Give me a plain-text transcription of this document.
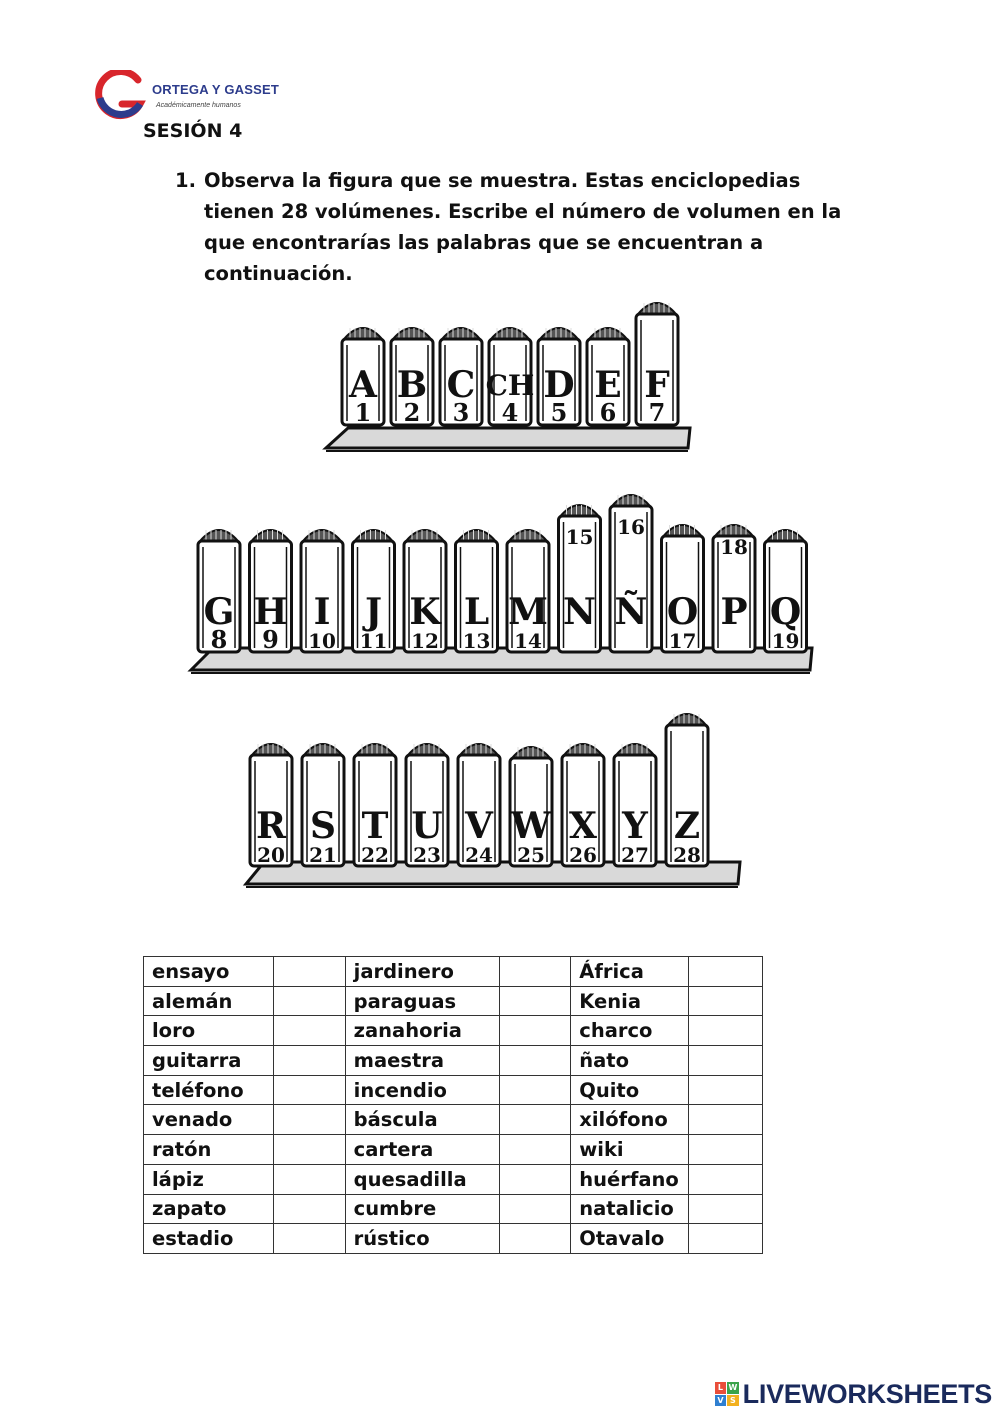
ORTEGA Y GASSET
Académicamente humanos
SESIÓN 4
1. Observa la figura que se muestra. Estas enciclopedias tienen 28 volúmenes. Escribe el número de volumen en la que encontrarías las palabras que se encuentran a continuación.
A
1
B
2
C
3
CH
4
D
5
E
6
F
7
G
8
H
9
I
10
J
11
K
12
L
13
M
14
N
15
Ñ
16
O
17
P
18
Q
19
R
20
S
21
T
22
U
23
V
24
W
25
X
26
Y
27
Z
28
ensayo		jardinero		África	
alemán		paraguas		Kenia	
loro		zanahoria		charco	
guitarra		maestra		ñato	
teléfono		incendio		Quito	
venado		báscula		xilófono	
ratón		cartera		wiki	
lápiz		quesadilla		huérfano	
zapato		cumbre		natalicio	
estadio		rústico		Otavalo	
L W
V S LIVEWORKSHEETS
